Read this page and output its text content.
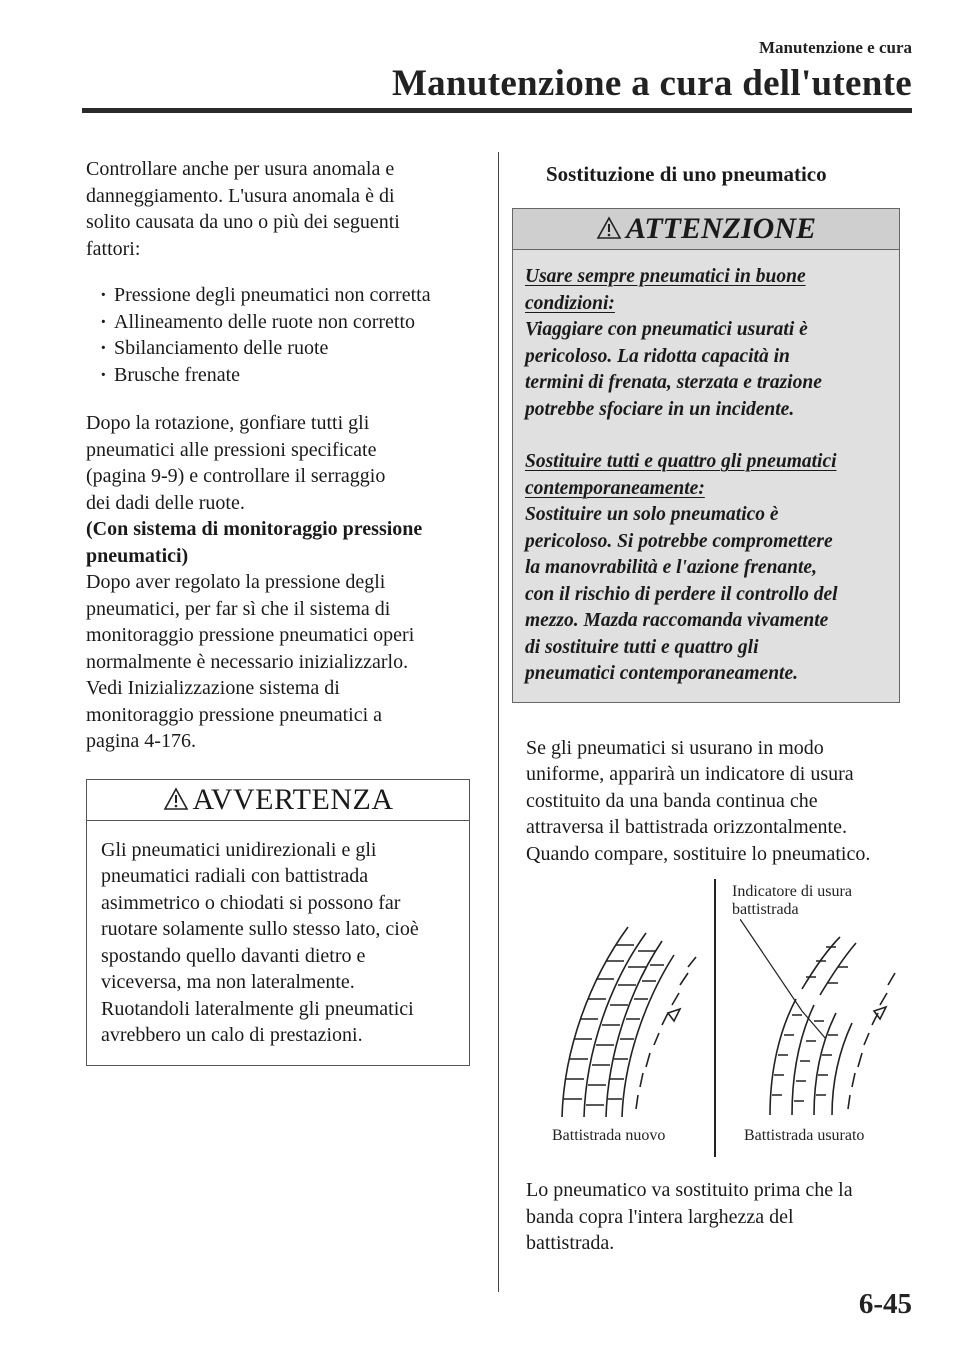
Manutenzione e cura
Manutenzione a cura dell'utente

Controllare anche per usura anomala e

danneggiamento. L'usura anomala è di

solito causata da uno o più dei seguenti

fattori:

· Pressione degli pneumatici non corretta
· Allineamento delle ruote non corretto
· Sbilanciamento delle ruote
· Brusche frenate

Dopo la rotazione, gonfiare tutti gli

pneumatici alle pressioni specificate

(pagina 9-9) e controllare il serraggio

dei dadi delle ruote.

(Con sistema di monitoraggio pressione

pneumatici)

Dopo aver regolato la pressione degli

pneumatici, per far sì che il sistema di

monitoraggio pressione pneumatici operi

normalmente è necessario inizializzarlo.

Vedi Inizializzazione sistema di

monitoraggio pressione pneumatici a

pagina 4-176.

AVVERTENZA

Gli pneumatici unidirezionali e gli

pneumatici radiali con battistrada

asimmetrico o chiodati si possono far

ruotare solamente sullo stesso lato, cioè

spostando quello davanti dietro e

viceversa, ma non lateralmente.

Ruotandoli lateralmente gli pneumatici

avrebbero un calo di prestazioni.

Sostituzione di uno pneumatico
ATTENZIONE

Usare sempre pneumatici in buone

condizioni:

Viaggiare con pneumatici usurati è

pericoloso. La ridotta capacità in

termini di frenata, sterzata e trazione

potrebbe sfociare in un incidente.

Sostituire tutti e quattro gli pneumatici

contemporaneamente:

Sostituire un solo pneumatico è

pericoloso. Si potrebbe compromettere

la manovrabilità e l'azione frenante,

con il rischio di perdere il controllo del

mezzo. Mazda raccomanda vivamente

di sostituire tutti e quattro gli

pneumatici contemporaneamente.

Se gli pneumatici si usurano in modo

uniforme, apparirà un indicatore di usura

costituito da una banda continua che

attraversa il battistrada orizzontalmente.

Quando compare, sostituire lo pneumatico.

Indicatore di usura
battistrada
Battistrada nuovo	Battistrada usurato

Lo pneumatico va sostituito prima che la

banda copra l'intera larghezza del

battistrada.

6-45
